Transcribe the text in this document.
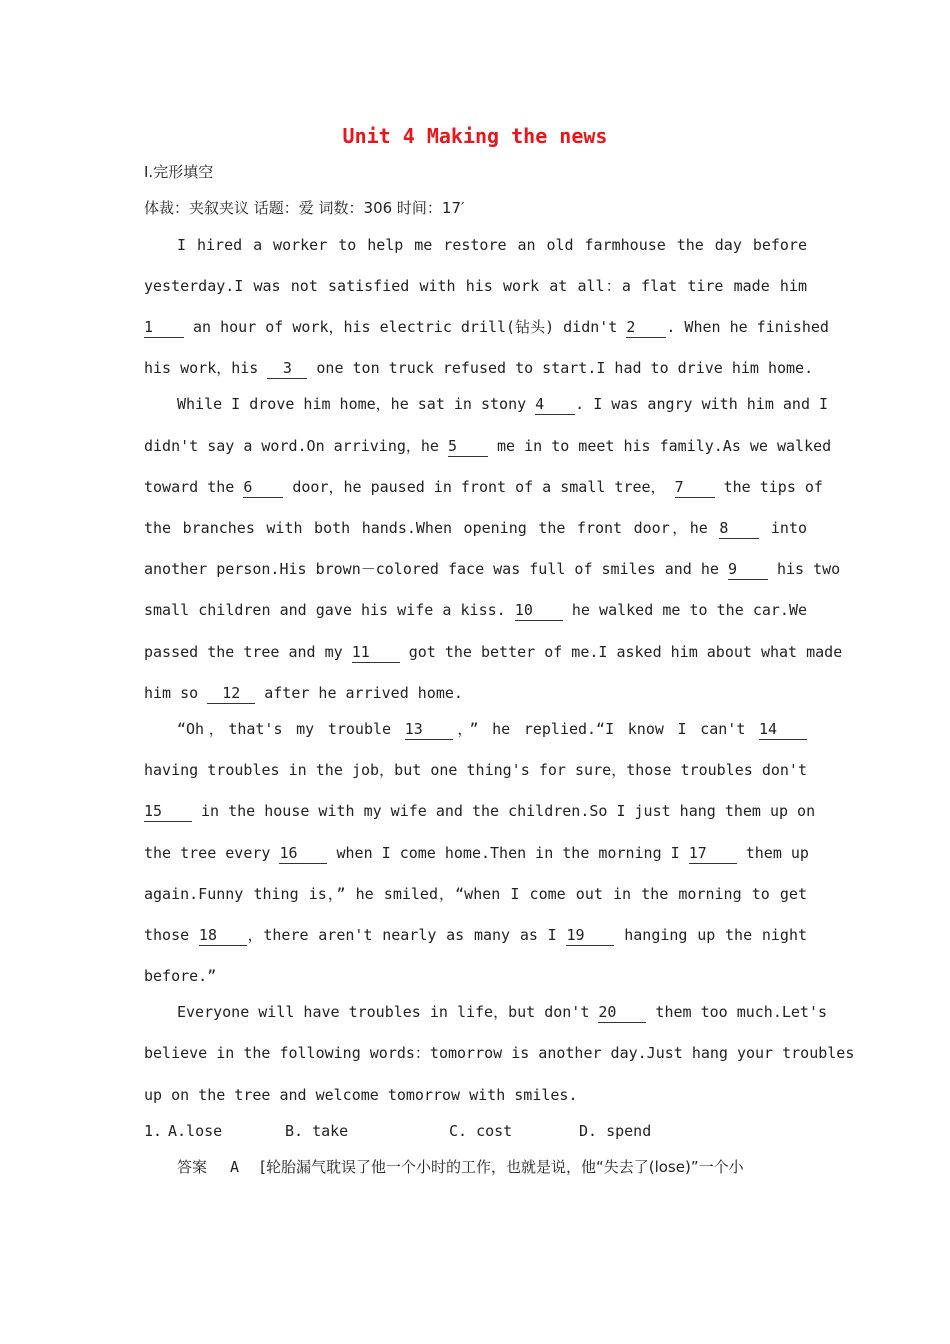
Unit 4 Making the news
Ⅰ.完形填空
体裁：夹叙夹议 话题：爱 词数：306 时间：17′
I hired a worker to help me restore an old farmhouse the day before
yesterday.I was not satisfied with his work at all：a flat tire made him
1	an hour of work，his electric drill(钻头) didn't 2 . When he finished
his work，his 3 one ton truck refused to start.I had to drive him home.
While I drove him home，he sat in stony 4 . I was angry with him and I
didn't say a word.On arriving，he 5	me in to meet his family.As we walked
toward the 6	door，he paused in front of a small tree， 7	the tips of
the branches with both hands.When opening the front door，he 8	into
another person.His brown－colored face was full of smiles and he 9	his two
small children and gave his wife a kiss. 10	he walked me to the car.We
passed the tree and my 11	got the better of me.I asked him about what made
him so 12 after he arrived home.
“Oh，that's my trouble 13 ，” he replied.“I know I can't 14
having troubles in the job，but one thing's for sure，those troubles don't
15	in the house with my wife and the children.So I just hang them up on
the tree every 16	when I come home.Then in the morning I 17	them up
again.Funny thing is，” he smiled，“when I come out in the morning to get
those 18 ，there aren't nearly as many as I 19	hanging up the night
before.”
Everyone will have troubles in life，but don't 20	them too much.Let's
believe in the following words：tomorrow is another day.Just hang your troubles
up on the tree and welcome tomorrow with smiles.
1. A.lose	B. take	C. cost	D. spend
答案 A [轮胎漏气耽误了他一个小时的工作，也就是说，他“失去了(lose)”一个小
